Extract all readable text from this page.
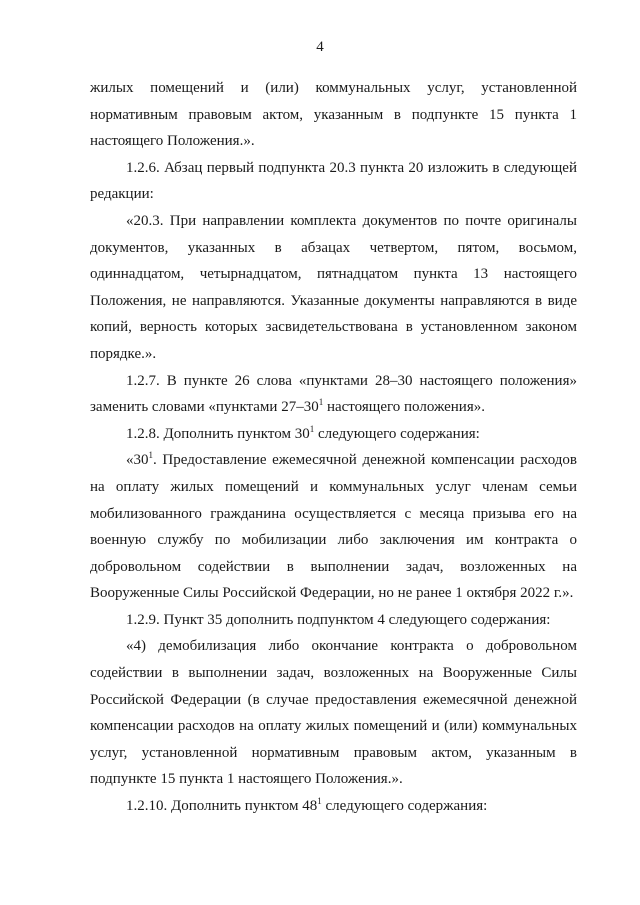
4

жилых помещений и (или) коммунальных услуг, установленной нормативным правовым актом, указанным в подпункте 15 пункта 1 настоящего Положения.».

1.2.6. Абзац первый подпункта 20.3 пункта 20 изложить в следующей редакции:

«20.3. При направлении комплекта документов по почте оригиналы документов, указанных в абзацах четвертом, пятом, восьмом, одиннадцатом, четырнадцатом, пятнадцатом пункта 13 настоящего Положения, не направляются. Указанные документы направляются в виде копий, верность которых засвидетельствована в установленном законом порядке.».

1.2.7. В пункте 26 слова «пунктами 28–30 настоящего положения» заменить словами «пунктами $27-30^1$ настоящего положения».

1.2.8. Дополнить пунктом $30^1$ следующего содержания:

«$30^1$. Предоставление ежемесячной денежной компенсации расходов на оплату жилых помещений и коммунальных услуг членам семьи мобилизованного гражданина осуществляется с месяца призыва его на военную службу по мобилизации либо заключения им контракта о добровольном содействии в выполнении задач, возложенных на Вооруженные Силы Российской Федерации, но не ранее 1 октября 2022 г.».

1.2.9. Пункт 35 дополнить подпунктом 4 следующего содержания:

«4) демобилизация либо окончание контракта о добровольном содействии в выполнении задач, возложенных на Вооруженные Силы Российской Федерации (в случае предоставления ежемесячной денежной компенсации расходов на оплату жилых помещений и (или) коммунальных услуг, установленной нормативным правовым актом, указанным в подпункте 15 пункта 1 настоящего Положения.».

1.2.10. Дополнить пунктом $48^1$ следующего содержания:
